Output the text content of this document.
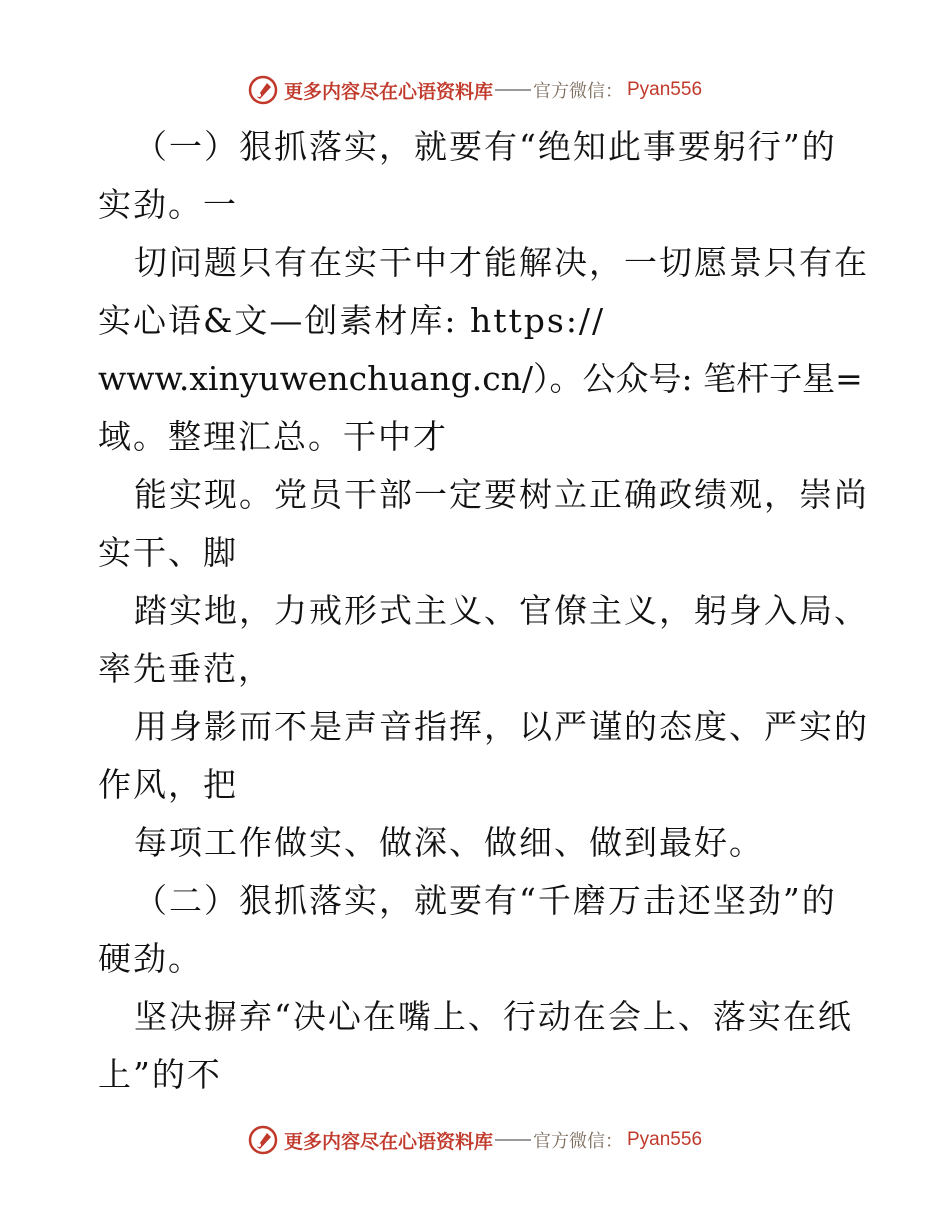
更多内容尽在心语资料库 官方微信： Pyan556
（一）狠抓落实，就要有“绝知此事要躬行”的
实劲。一
切问题只有在实干中才能解决，一切愿景只有在
实心语&文—创素材库: https://
www.xinyuwenchuang.cn/）。公众号: 笔杆子星=
域。整理汇总。干中才
能实现。党员干部一定要树立正确政绩观，崇尚
实干、脚
踏实地，力戒形式主义、官僚主义，躬身入局、
率先垂范，
用身影而不是声音指挥，以严谨的态度、严实的
作风，把
每项工作做实、做深、做细、做到最好。
（二）狠抓落实，就要有“千磨万击还坚劲”的
硬劲。
坚决摒弃“决心在嘴上、行动在会上、落实在纸
上”的不
更多内容尽在心语资料库 官方微信： Pyan556
